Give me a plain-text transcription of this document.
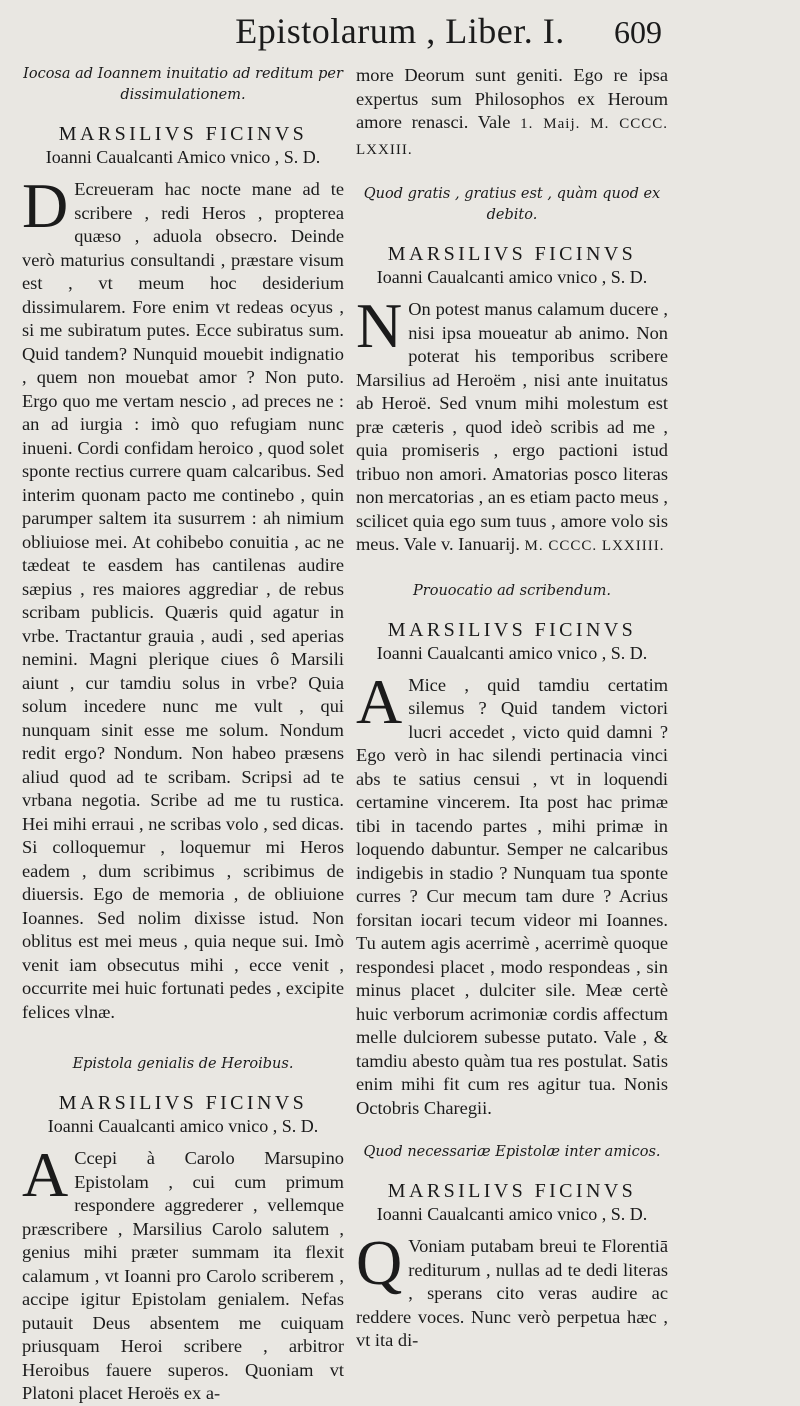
Epistolarum , Liber. I.	609

Iocosa ad Ioannem inuitatio ad reditum per dissimulationem.

MARSILIVS FICINVS

Ioanni Caualcanti Amico vnico , S. D.

D Ecreueram hac nocte mane ad te scribere , redi Heros , propterea quæso , aduola obsecro. Deinde verò maturius consultandi , præstare visum est , vt meum hoc desiderium dissimularem. Fore enim vt redeas ocyus , si me subiratum putes. Ecce subiratus sum. Quid tandem? Nunquid mouebit indignatio , quem non mouebat amor ? Non puto. Ergo quo me vertam nescio , ad preces ne : an ad iurgia : imò quo refugiam nunc inueni. Cordi confidam heroico , quod solet sponte rectius currere quam calcaribus. Sed interim quonam pacto me continebo , quin parumper saltem ita susurrem : ah nimium obliuiose mei. At cohibebo conuitia , ac ne tædeat te easdem has cantilenas audire sæpius , res maiores aggrediar , de rebus scribam publicis. Quæris quid agatur in vrbe. Tractantur grauia , audi , sed aperias nemini. Magni plerique ciues ô Marsili aiunt , cur tamdiu solus in vrbe? Quia solum incedere nunc me vult , qui nunquam sinit esse me solum. Nondum redit ergo? Nondum. Non habeo præsens aliud quod ad te scribam. Scripsi ad te vrbana negotia. Scribe ad me tu rustica. Hei mihi erraui , ne scribas volo , sed dicas. Si colloquemur , loquemur mi Heros eadem , dum scribimus , scribimus de diuersis. Ego de memoria , de obliuione Ioannes. Sed nolim dixisse istud. Non oblitus est mei meus , quia neque sui. Imò venit iam obsecutus mihi , ecce venit , occurrite mei huic fortunati pedes , excipite felices vlnæ.

Epistola genialis de Heroibus.

MARSILIVS FICINVS

Ioanni Caualcanti amico vnico , S. D.

A Ccepi à Carolo Marsupino Epistolam , cui cum primum respondere aggrederer , vellemque præscribere , Marsilius Carolo salutem , genius mihi præter summam ita flexit calamum , vt Ioanni pro Carolo scriberem , accipe igitur Epistolam genialem. Nefas putauit Deus absentem me cuiquam priusquam Heroi scribere , arbitror Heroibus fauere superos. Quoniam vt Platoni placet Heroës ex a-

more Deorum sunt geniti. Ego re ipsa expertus sum Philosophos ex Heroum amore renasci. Vale 1. Maij. M. CCCC. LXXIII.

Quod gratis , gratius est , quàm quod ex debito.

MARSILIVS FICINVS

Ioanni Caualcanti amico vnico , S. D.

N On potest manus calamum ducere , nisi ipsa moueatur ab animo. Non poterat his temporibus scribere Marsilius ad Heroëm , nisi ante inuitatus ab Heroë. Sed vnum mihi molestum est præ cæteris , quod ideò scribis ad me , quia promiseris , ergo pactioni istud tribuo non amori. Amatorias posco literas non mercatorias , an es etiam pacto meus , scilicet quia ego sum tuus , amore volo sis meus. Vale v. Ianuarij. M. CCCC. LXXIIII.

Prouocatio ad scribendum.

MARSILIVS FICINVS

Ioanni Caualcanti amico vnico , S. D.

A Mice , quid tamdiu certatim silemus ? Quid tandem victori lucri accedet , victo quid damni ? Ego verò in hac silendi pertinacia vinci abs te satius censui , vt in loquendi certamine vincerem. Ita post hac primæ tibi in tacendo partes , mihi primæ in loquendo dabuntur. Semper ne calcaribus indigebis in stadio ? Nunquam tua sponte curres ? Cur mecum tam dure ? Acrius forsitan iocari tecum videor mi Ioannes. Tu autem agis acerrimè , acerrimè quoque respondesi placet , modo respondeas , sin minus placet , dulciter sile. Meæ certè huic verborum acrimoniæ cordis affectum melle dulciorem subesse putato. Vale , & tamdiu abesto quàm tua res postulat. Satis enim mihi fit cum res agitur tua. Nonis Octobris Charegii.

Quod necessariæ Epistolæ inter amicos.

MARSILIVS FICINVS

Ioanni Caualcanti amico vnico , S. D.

Q Voniam putabam breui te Florentiā rediturum , nullas ad te dedi literas , sperans cito veras audire ac reddere voces. Nunc verò perpetua hæc , vt ita di-
